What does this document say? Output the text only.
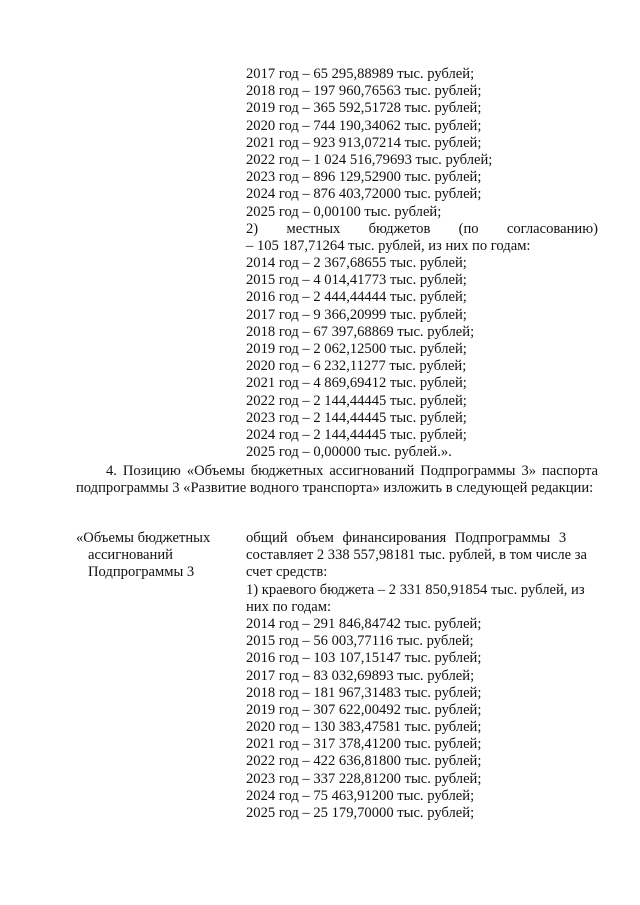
2017 год – 65 295,88989 тыс. рублей;
2018 год – 197 960,76563 тыс. рублей;
2019 год – 365 592,51728 тыс. рублей;
2020 год – 744 190,34062 тыс. рублей;
2021 год – 923 913,07214 тыс. рублей;
2022 год – 1 024 516,79693 тыс. рублей;
2023 год – 896 129,52900 тыс. рублей;
2024 год – 876 403,72000 тыс. рублей;
2025 год – 0,00100 тыс. рублей;
2) местных бюджетов (по согласованию)
– 105 187,71264 тыс. рублей, из них по годам:
2014 год – 2 367,68655 тыс. рублей;
2015 год – 4 014,41773 тыс. рублей;
2016 год – 2 444,44444 тыс. рублей;
2017 год – 9 366,20999 тыс. рублей;
2018 год – 67 397,68869 тыс. рублей;
2019 год – 2 062,12500 тыс. рублей;
2020 год – 6 232,11277 тыс. рублей;
2021 год – 4 869,69412 тыс. рублей;
2022 год – 2 144,44445 тыс. рублей;
2023 год – 2 144,44445 тыс. рублей;
2024 год – 2 144,44445 тыс. рублей;
2025 год – 0,00000 тыс. рублей.».
4. Позицию «Объемы бюджетных ассигнований Подпрограммы 3» паспорта подпрограммы 3 «Развитие водного транспорта» изложить в следующей редакции:
«Объемы бюджетных
ассигнований
Подпрограммы 3
общий объем финансирования Подпрограммы 3
составляет 2 338 557,98181 тыс. рублей, в том числе за
счет средств:
1) краевого бюджета – 2 331 850,91854 тыс. рублей, из
них по годам:
2014 год – 291 846,84742 тыс. рублей;
2015 год – 56 003,77116 тыс. рублей;
2016 год – 103 107,15147 тыс. рублей;
2017 год – 83 032,69893 тыс. рублей;
2018 год – 181 967,31483 тыс. рублей;
2019 год – 307 622,00492 тыс. рублей;
2020 год – 130 383,47581 тыс. рублей;
2021 год – 317 378,41200 тыс. рублей;
2022 год – 422 636,81800 тыс. рублей;
2023 год – 337 228,81200 тыс. рублей;
2024 год – 75 463,91200 тыс. рублей;
2025 год – 25 179,70000 тыс. рублей;
